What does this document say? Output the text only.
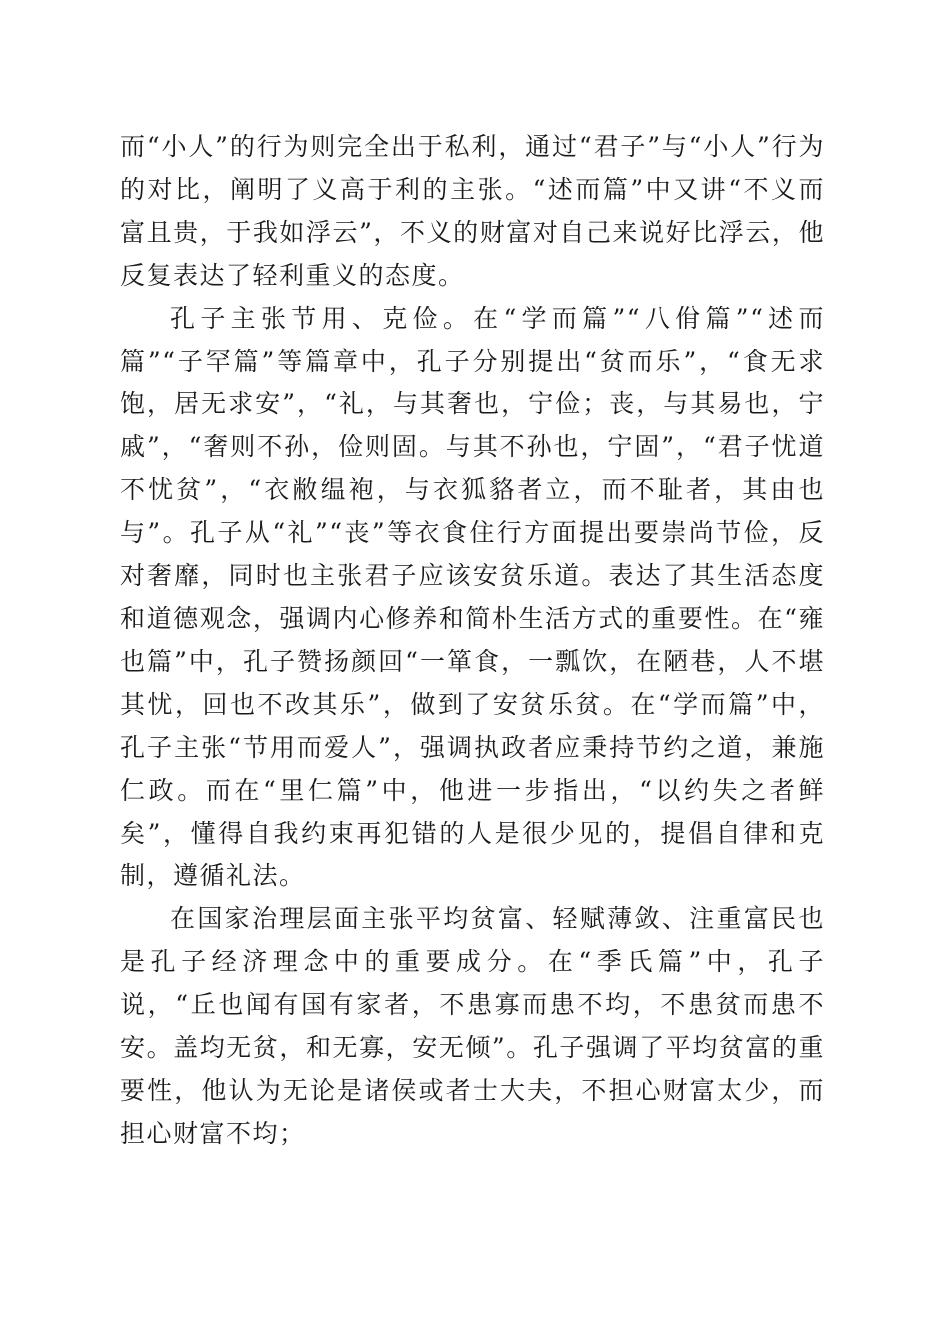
而“小人”的行为则完全出于私利，通过“君子”与“小人”行为的对比，阐明了义高于利的主张。“述而篇”中又讲“不义而富且贵，于我如浮云”，不义的财富对自己来说好比浮云，他反复表达了轻利重义的态度。

孔子主张节用、克俭。在“学而篇”“八佾篇”“述而篇”“子罕篇”等篇章中，孔子分别提出“贫而乐”，“食无求饱，居无求安”，“礼，与其奢也，宁俭；丧，与其易也，宁戚”，“奢则不孙，俭则固。与其不孙也，宁固”，“君子忧道不忧贫”，“衣敝缊袍，与衣狐貉者立，而不耻者，其由也与”。孔子从“礼”“丧”等衣食住行方面提出要崇尚节俭，反对奢靡，同时也主张君子应该安贫乐道。表达了其生活态度和道德观念，强调内心修养和简朴生活方式的重要性。在“雍也篇”中，孔子赞扬颜回“一箪食，一瓢饮，在陋巷，人不堪其忧，回也不改其乐”，做到了安贫乐贫。在“学而篇”中，孔子主张“节用而爱人”，强调执政者应秉持节约之道，兼施仁政。而在“里仁篇”中，他进一步指出，“以约失之者鲜矣”，懂得自我约束再犯错的人是很少见的，提倡自律和克制，遵循礼法。

在国家治理层面主张平均贫富、轻赋薄敛、注重富民也是孔子经济理念中的重要成分。在“季氏篇”中，孔子说，“丘也闻有国有家者，不患寡而患不均，不患贫而患不安。盖均无贫，和无寡，安无倾”。孔子强调了平均贫富的重要性，他认为无论是诸侯或者士大夫，不担心财富太少，而担心财富不均；
